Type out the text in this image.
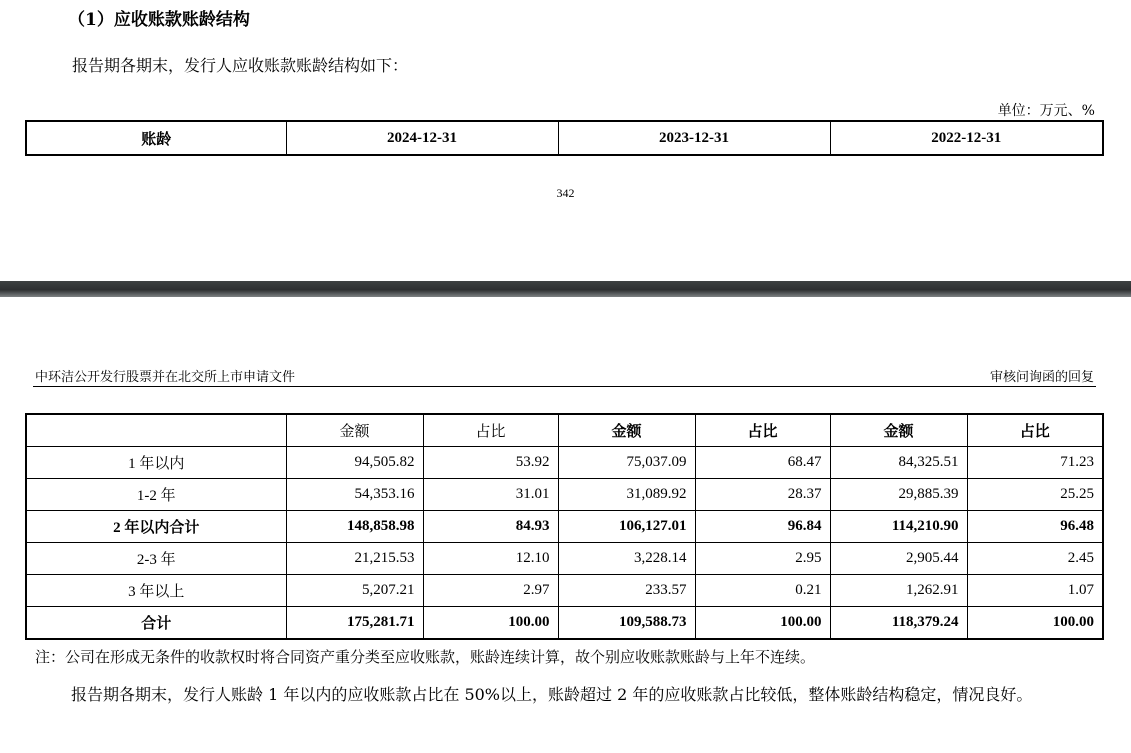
（1）应收账款账龄结构
报告期各期末，发行人应收账款账龄结构如下：
单位：万元、%
账龄	2024-12-31	2023-12-31	2022-12-31
342
中环洁公开发行股票并在北交所上市申请文件	审核问询函的回复
	金额	占比	金额	占比	金额	占比
1 年以内	94,505.82	53.92	75,037.09	68.47	84,325.51	71.23
1-2 年	54,353.16	31.01	31,089.92	28.37	29,885.39	25.25
2 年以内合计	148,858.98	84.93	106,127.01	96.84	114,210.90	96.48
2-3 年	21,215.53	12.10	3,228.14	2.95	2,905.44	2.45
3 年以上	5,207.21	2.97	233.57	0.21	1,262.91	1.07
合计	175,281.71	100.00	109,588.73	100.00	118,379.24	100.00
注：公司在形成无条件的收款权时将合同资产重分类至应收账款，账龄连续计算，故个别应收账款账龄与上年不连续。
报告期各期末，发行人账龄 1 年以内的应收账款占比在 50%以上，账龄超过 2 年的应收账款占比较低，整体账龄结构稳定，情况良好。
